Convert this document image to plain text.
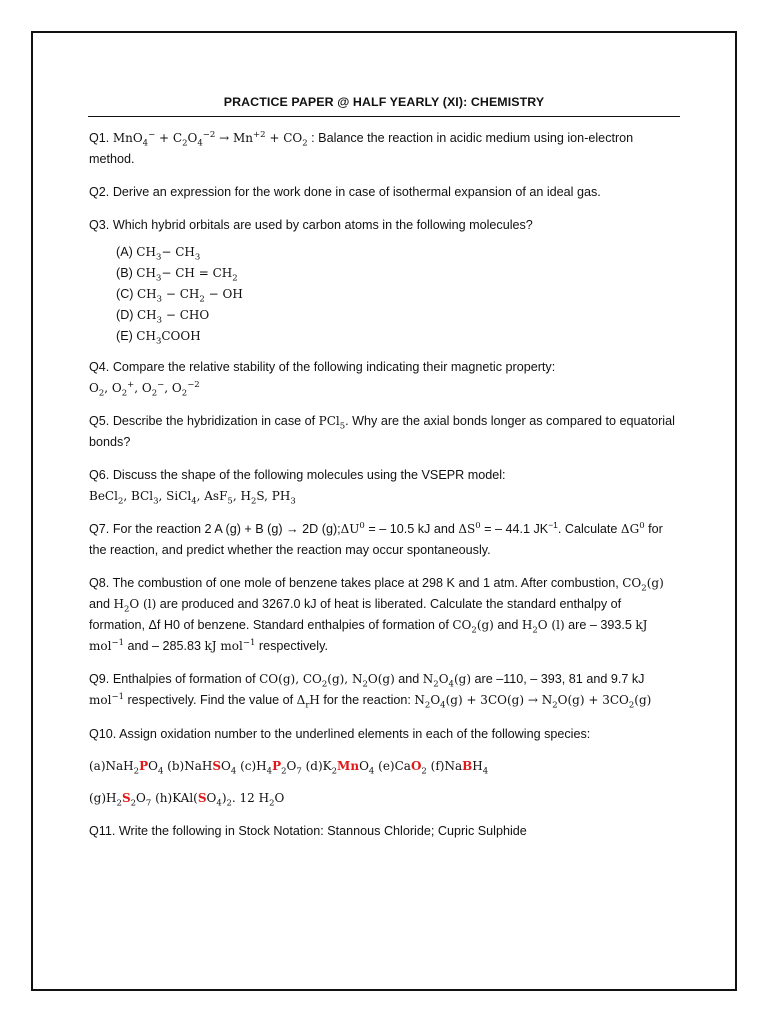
PRACTICE PAPER @ HALF YEARLY (XI): CHEMISTRY
Q1. $MnO_4^- + C_2O_4^{-2} \to Mn^{+2} + CO_2$ : Balance the reaction in acidic medium using ion-electron method.
Q2. Derive an expression for the work done in case of isothermal expansion of an ideal gas.
Q3. Which hybrid orbitals are used by carbon atoms in the following molecules?
(A) $CH_3- CH_3$
(B) $CH_3-$ CH = $CH_2$
(C) $CH_3 - CH_2$ − OH
(D) $CH_3$ − CHO
(E) $CH_3COOH$
Q4. Compare the relative stability of the following indicating their magnetic property:
$O_2$, $O_2^+$, $O_2^-$, $O_2^{-2}$
Q5. Describe the hybridization in case of PCl$_5$. Why are the axial bonds longer as compared to equatorial bonds?
Q6. Discuss the shape of the following molecules using the VSEPR model:
BeCl$_2$, BCl$_3$, SiCl$_4$, AsF$_5$, $H_2S$, $PH_3$
Q7. For the reaction 2 A (g) + B (g) → 2D $(g);\Delta U^0$ = – 10.5 kJ and $\Delta S^0$ = – 44.1 $JK^{-1}$. Calculate $\Delta G^0$ for the reaction, and predict whether the reaction may occur spontaneously.
Q8. The combustion of one mole of benzene takes place at 298 K and 1 atm. After combustion, $CO_2(g)$ and $H_2O$ (l) are produced and 3267.0 kJ of heat is liberated. Calculate the standard enthalpy of formation, Δf H0 of benzene. Standard enthalpies of formation of $CO_2(g)$ and $H_2O$ (l) are – 393.5 kJ mol$^{-1}$ and – 285.83 kJ mol$^{-1}$ respectively.
Q9. Enthalpies of formation of CO(g), $CO_2(g)$, $N_2O(g)$ and $N_2O_4(g)$ are –110, – 393, 81 and 9.7 kJ mol$^{-1}$ respectively. Find the value of $\Delta_rH$ for the reaction: $N_2O_4(g) + 3CO(g) \to N_2O(g) + 3CO_2(g)$
Q10. Assign oxidation number to the underlined elements in each of the following species:
$(a)NaH_2PO_4$ (b)NaHSO$_4$ $(c)H_4P_2O_7$ $(d)K_2MnO_4$ (e)CaO$_2$ (f)NaBH$_4$
$(g)H_2S_2O_7$ $(h)KAl(SO_4)_2$. 12 $H_2O$
Q11. Write the following in Stock Notation: Stannous Chloride; Cupric Sulphide
